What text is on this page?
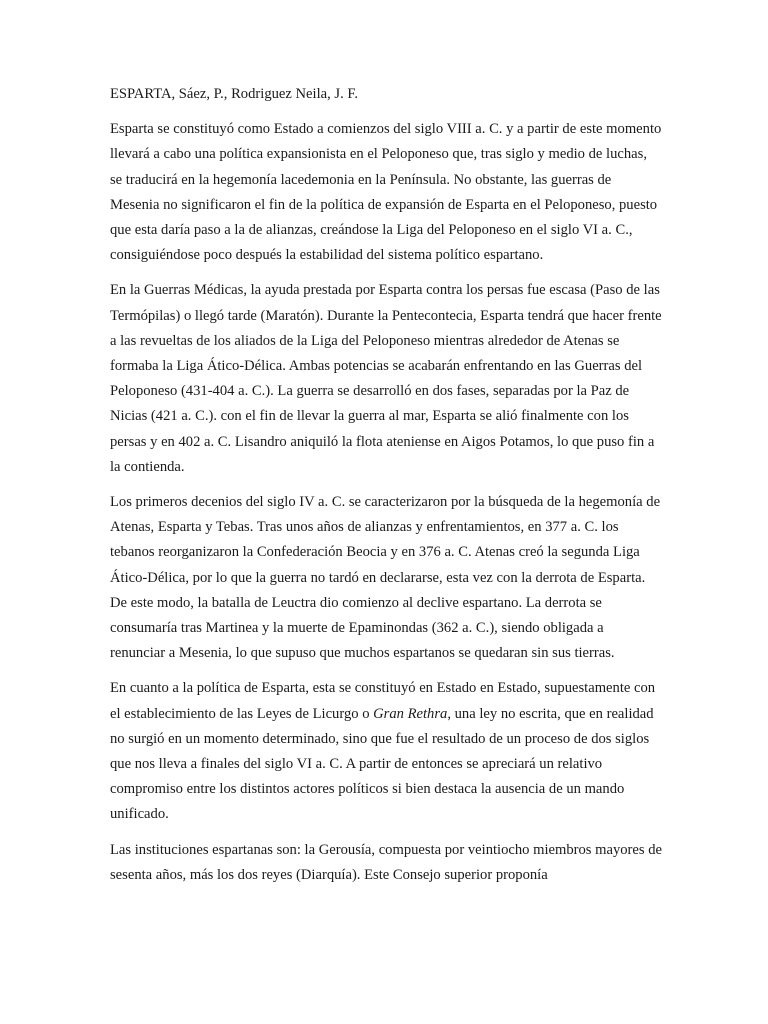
ESPARTA, Sáez, P., Rodriguez Neila, J. F.

Esparta se constituyó como Estado a comienzos del siglo VIII a. C. y a partir de este momento llevará a cabo una política expansionista en el Peloponeso que, tras siglo y medio de luchas, se traducirá en la hegemonía lacedemonia en la Península. No obstante, las guerras de Mesenia no significaron el fin de la política de expansión de Esparta en el Peloponeso, puesto que esta daría paso a la de alianzas, creándose la Liga del Peloponeso en el siglo VI a. C., consiguiéndose poco después la estabilidad del sistema político espartano.

En la Guerras Médicas, la ayuda prestada por Esparta contra los persas fue escasa (Paso de las Termópilas) o llegó tarde (Maratón). Durante la Pentecontecia, Esparta tendrá que hacer frente a las revueltas de los aliados de la Liga del Peloponeso mientras alrededor de Atenas se formaba la Liga Ático-Délica. Ambas potencias se acabarán enfrentando en las Guerras del Peloponeso (431-404 a. C.). La guerra se desarrolló en dos fases, separadas por la Paz de Nicias (421 a. C.). con el fin de llevar la guerra al mar, Esparta se alió finalmente con los persas y en 402 a. C. Lisandro aniquiló la flota ateniense en Aigos Potamos, lo que puso fin a la contienda.

Los primeros decenios del siglo IV a. C. se caracterizaron por la búsqueda de la hegemonía de Atenas, Esparta y Tebas. Tras unos años de alianzas y enfrentamientos, en 377 a. C. los tebanos reorganizaron la Confederación Beocia y en 376 a. C. Atenas creó la segunda Liga Ático-Délica, por lo que la guerra no tardó en declararse, esta vez con la derrota de Esparta. De este modo, la batalla de Leuctra dio comienzo al declive espartano. La derrota se consumaría tras Martinea y la muerte de Epaminondas (362 a. C.), siendo obligada a renunciar a Mesenia, lo que supuso que muchos espartanos se quedaran sin sus tierras.

En cuanto a la política de Esparta, esta se constituyó en Estado en Estado, supuestamente con el establecimiento de las Leyes de Licurgo o Gran Rethra, una ley no escrita, que en realidad no surgió en un momento determinado, sino que fue el resultado de un proceso de dos siglos que nos lleva a finales del siglo VI a. C. A partir de entonces se apreciará un relativo compromiso entre los distintos actores políticos si bien destaca la ausencia de un mando unificado.

Las instituciones espartanas son: la Gerousía, compuesta por veintiocho miembros mayores de sesenta años, más los dos reyes (Diarquía). Este Consejo superior proponía
